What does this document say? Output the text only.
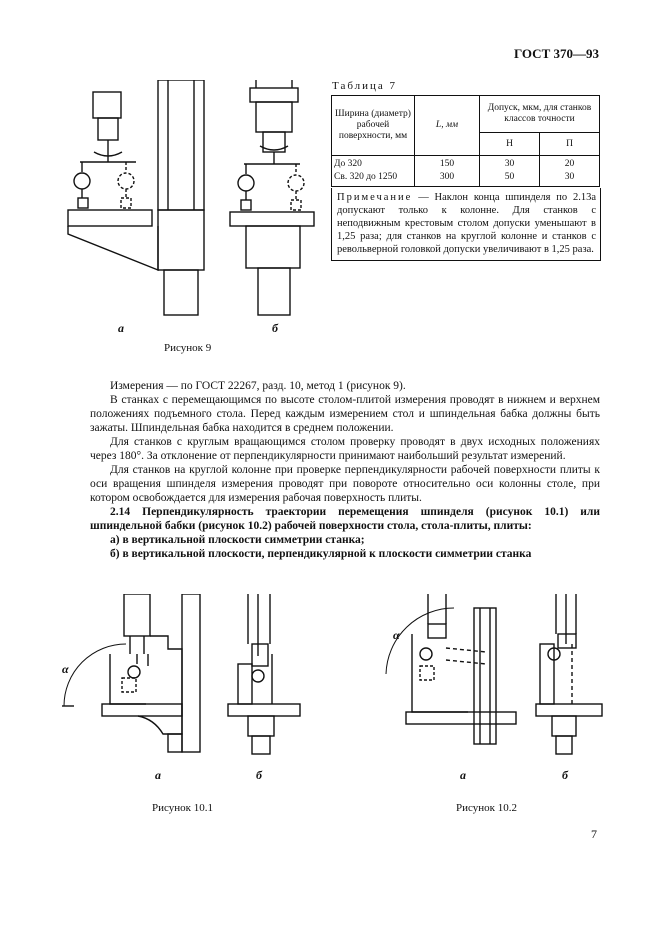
ГОСТ 370—93
а	б
Рисунок 9
Таблица 7
Ширина (диаметр) рабочей поверхности, мм	L, мм	Допуск, мкм, для станков классов точности	
		Н	П
До 320	150	30	20
Св. 320 до 1250	300	50	30
Примечание — Наклон конца шпинделя по 2.13а допускают только к колонне. Для станков с неподвижным крестовым столом допуски уменьшают в 1,25 раза; для станков на круглой колонне и станков с револьверной головкой допуски увеличивают в 1,25 раза.

Измерения — по ГОСТ 22267, разд. 10, метод 1 (рисунок 9).

В станках с перемещающимся по высоте столом-плитой измерения проводят в нижнем и верхнем положениях подъемного стола. Перед каждым измерением стол и шпиндельная бабка должны быть зажаты. Шпиндельная бабка находится в среднем положении.

Для станков с круглым вращающимся столом проверку проводят в двух исходных положениях через 180°. За отклонение от перпендикулярности принимают наибольший результат измерений.

Для станков на круглой колонне при проверке перпендикулярности рабочей поверхности плиты к оси вращения шпинделя измерения проводят при повороте относительно оси колонны столе, при котором освобождается для измерения рабочая поверхность плиты.

2.14 Перпендикулярность траектории перемещения шпинделя (рисунок 10.1) или шпиндельной бабки (рисунок 10.2) рабочей поверхности стола, стола-плиты, плиты:

а) в вертикальной плоскости симметрии станка;

б) в вертикальной плоскости, перпендикулярной к плоскости симметрии станка

α
а	б
Рисунок 10.1
α
а	б
Рисунок 10.2
7
